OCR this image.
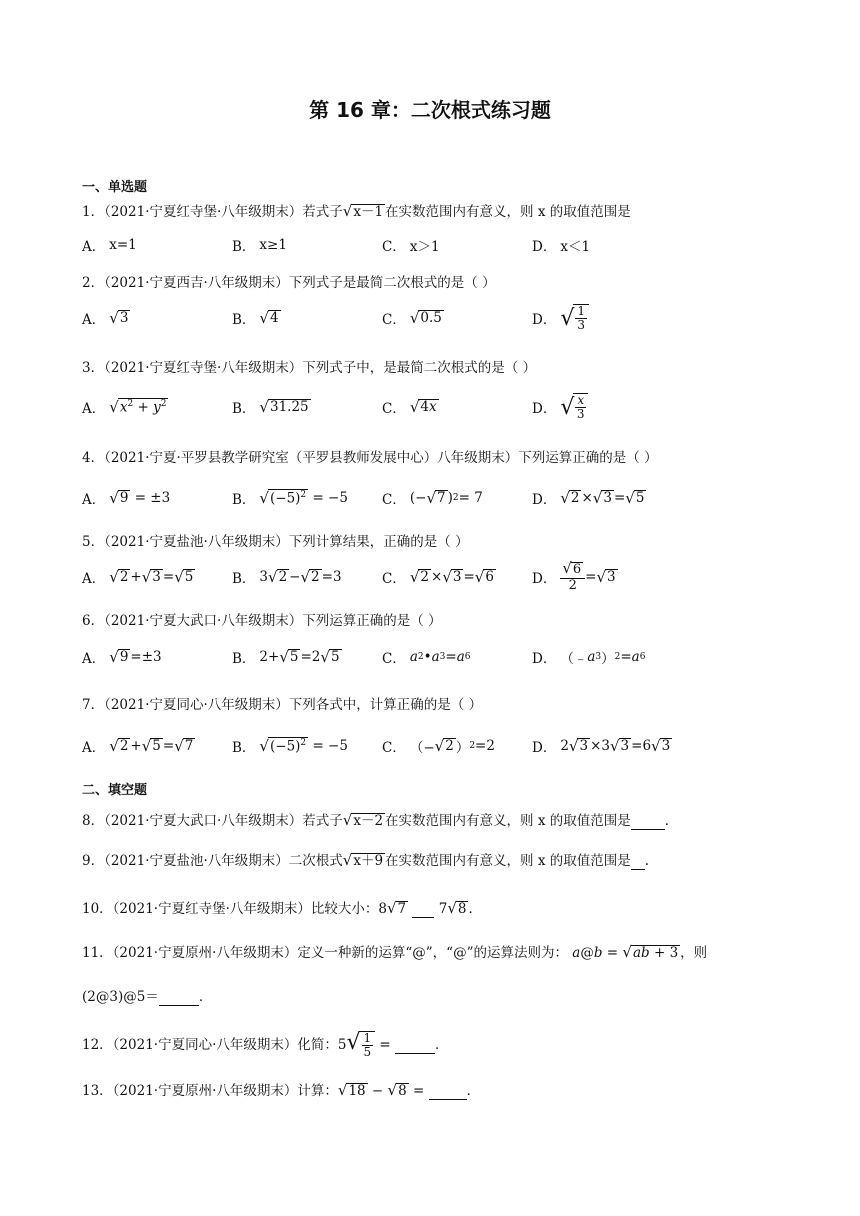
第 16 章：二次根式练习题
一、单选题
1．（2021·宁夏红寺堡·八年级期末）若式子√x－1 在实数范围内有意义，则 x 的取值范围是
A． x=1	B． x≥1	C． x＞1	D． x＜1
2．（2021·宁夏西吉·八年级期末）下列式子是最简二次根式的是（ ）
A． √ 3	B． √ 4	C． √ 0.5	D． √ $\frac{1}{3}$
3．（2021·宁夏红寺堡·八年级期末）下列式子中，是最简二次根式的是（ ）
A． √ $x^2 + y^2$	B． √ 31.25	C． √ 4x	D． √ $\frac{x}{3}$
4．（2021·宁夏·平罗县教学研究室（平罗县教师发展中心）八年级期末）下列运算正确的是（ ）
A． √ 9 = ±3	B． √ $(-5)^2 = -5$	C． (− √ 7 ) 2 = 7	D． √ 2 × √ 3 = √ 5
5．（2021·宁夏盐池·八年级期末）下列计算结果，正确的是（ ）
A． √ 2 + √ 3 = √ 5	B． 3 √ 2 − √ 2 =3	C． √ 2 × √ 3 = √ 6	D． $\frac{√6}{2}$ = √ 3
6．（2021·宁夏大武口·八年级期末）下列运算正确的是（ ）
A． √ 9 =±3	B． 2+ √ 5 =2 √ 5	C． a 2 • a 3 = a 6	D． （﹣ a 3 ） 2 = a 6
7．（2021·宁夏同心·八年级期末）下列各式中，计算正确的是（ ）
A． √ 2 + √ 5 = √ 7	B． √ $(-5)^2 = -5$	C． （− √ 2 ） 2 =2	D． 2 √ 3 ×3 √ 3 =6 √ 3
二、填空题
8．（2021·宁夏大武口·八年级期末）若式子√x－2 在实数范围内有意义，则 x 的取值范围是	．
9．（2021·宁夏盐池·八年级期末）二次根式√x＋9 在实数范围内有意义，则 x 的取值范围是 .
10．（2021·宁夏红寺堡·八年级期末）比较大小：8√7   7√8 ．
11．（2021·宁夏原州·八年级期末）定义一种新的运算“@”，“@”的运算法则为： a@b = √ab + 3 ，则
(2@3)@5＝	．
12．（2021·宁夏同心·八年级期末）化简：$5√ \frac{1}{5}$ =	．
13．（2021·宁夏原州·八年级期末）计算：√18 − √8 =	．
